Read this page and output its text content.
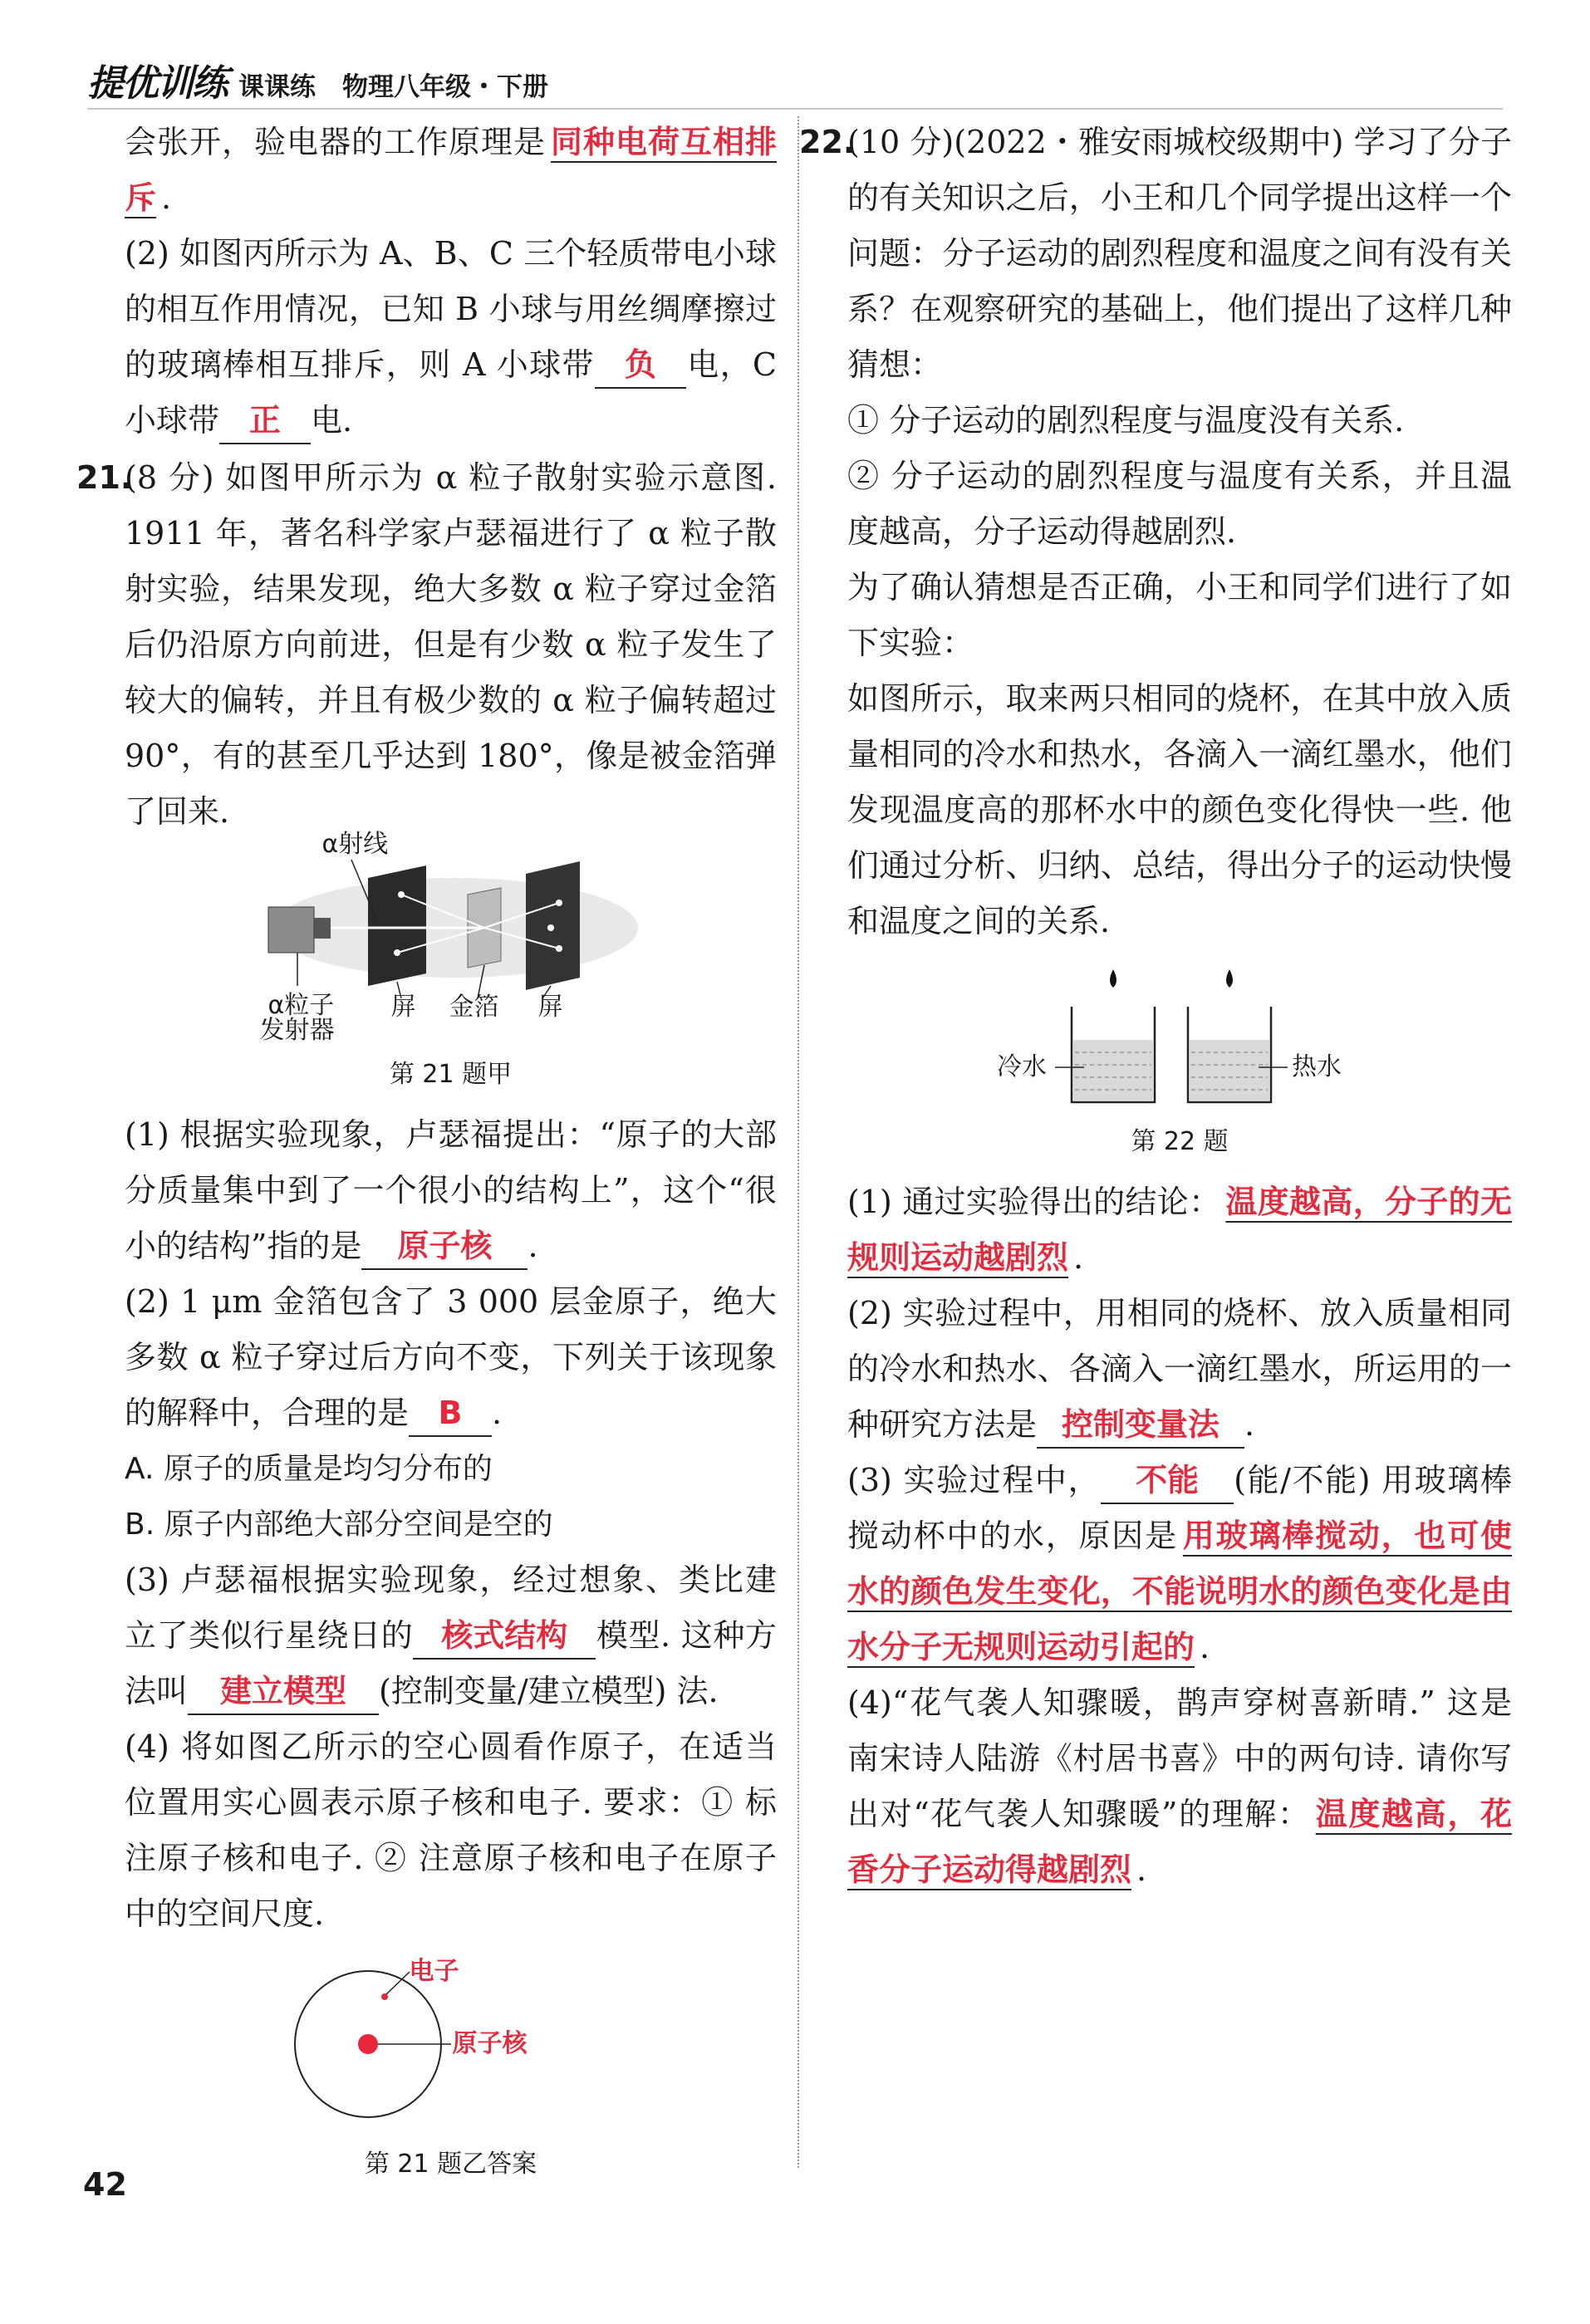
提优训练 课课练 物理八年级・下册

会张开，验电器的工作原理是 同种电荷互相排斥 .

(2) 如图丙所示为 A、B、C 三个轻质带电小球的相互作用情况，已知 B 小球与用丝绸摩擦过的玻璃棒相互排斥，则 A 小球带 负 电，C 小球带 正 电.

21.(8 分) 如图甲所示为 α 粒子散射实验示意图. 1911 年，著名科学家卢瑟福进行了 α 粒子散射实验，结果发现，绝大多数 α 粒子穿过金箔后仍沿原方向前进，但是有少数 α 粒子发生了较大的偏转，并且有极少数的 α 粒子偏转超过 90°，有的甚至几乎达到 180°，像是被金箔弹了回来.

α射线
α粒子
发射器
屏 金箔 屏
第 21 题甲

(1) 根据实验现象，卢瑟福提出：“原子的大部分质量集中到了一个很小的结构上”，这个“很小的结构”指的是 原子核 .

(2) 1 μm 金箔包含了 3 000 层金原子，绝大多数 α 粒子穿过后方向不变，下列关于该现象的解释中，合理的是 B .

A. 原子的质量是均匀分布的

B. 原子内部绝大部分空间是空的

(3) 卢瑟福根据实验现象，经过想象、类比建立了类似行星绕日的 核式结构 模型. 这种方法叫 建立模型 (控制变量/建立模型) 法.

(4) 将如图乙所示的空心圆看作原子，在适当位置用实心圆表示原子核和电子. 要求：① 标注原子核和电子. ② 注意原子核和电子在原子中的空间尺度.

电子
原子核
第 21 题乙答案

22.(10 分)(2022・雅安雨城校级期中) 学习了分子的有关知识之后，小王和几个同学提出这样一个问题：分子运动的剧烈程度和温度之间有没有关系？在观察研究的基础上，他们提出了这样几种猜想：

① 分子运动的剧烈程度与温度没有关系.

② 分子运动的剧烈程度与温度有关系，并且温度越高，分子运动得越剧烈.

为了确认猜想是否正确，小王和同学们进行了如下实验：

如图所示，取来两只相同的烧杯，在其中放入质量相同的冷水和热水，各滴入一滴红墨水，他们发现温度高的那杯水中的颜色变化得快一些. 他们通过分析、归纳、总结，得出分子的运动快慢和温度之间的关系.

冷水	热水
第 22 题

(1) 通过实验得出的结论： 温度越高，分子的无规则运动越剧烈 .

(2) 实验过程中，用相同的烧杯、放入质量相同的冷水和热水、各滴入一滴红墨水，所运用的一种研究方法是 控制变量法 .

(3) 实验过程中， 不能 (能/不能) 用玻璃棒搅动杯中的水，原因是 用玻璃棒搅动，也可使水的颜色发生变化，不能说明水的颜色变化是由水分子无规则运动引起的 .

(4)“花气袭人知骤暖，鹊声穿树喜新晴.” 这是南宋诗人陆游《村居书喜》中的两句诗. 请你写出对“花气袭人知骤暖”的理解： 温度越高，花香分子运动得越剧烈 .

42
